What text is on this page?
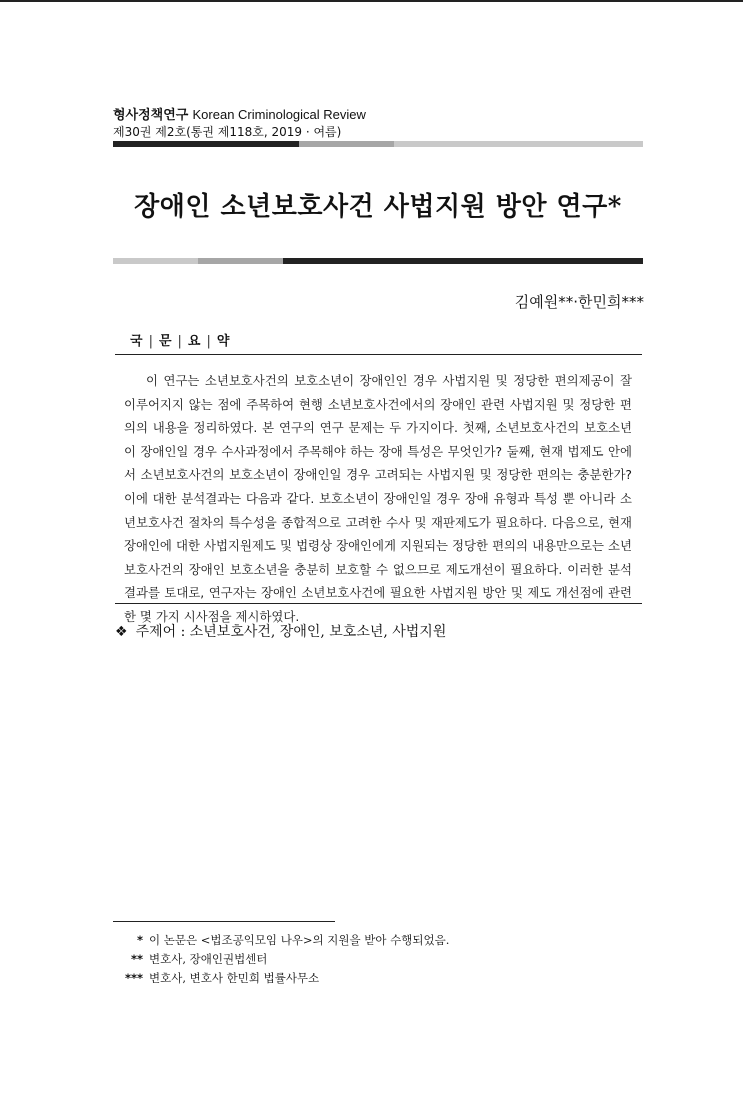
형사정책연구 Korean Criminological Review
제30권 제2호(통권 제118호, 2019 · 여름)
장애인 소년보호사건 사법지원 방안 연구*
김예원**·한민희***
국 | 문 | 요 | 약

이 연구는 소년보호사건의 보호소년이 장애인인 경우 사법지원 및 정당한 편의제공이 잘 이루어지지 않는 점에 주목하여 현행 소년보호사건에서의 장애인 관련 사법지원 및 정당한 편의의 내용을 정리하였다. 본 연구의 연구 문제는 두 가지이다. 첫째, 소년보호사건의 보호소년이 장애인일 경우 수사과정에서 주목해야 하는 장애 특성은 무엇인가? 둘째, 현재 법제도 안에서 소년보호사건의 보호소년이 장애인일 경우 고려되는 사법지원 및 정당한 편의는 충분한가? 이에 대한 분석결과는 다음과 같다. 보호소년이 장애인일 경우 장애 유형과 특성 뿐 아니라 소년보호사건 절차의 특수성을 종합적으로 고려한 수사 및 재판제도가 필요하다. 다음으로, 현재 장애인에 대한 사법지원제도 및 법령상 장애인에게 지원되는 정당한 편의의 내용만으로는 소년보호사건의 장애인 보호소년을 충분히 보호할 수 없으므로 제도개선이 필요하다. 이러한 분석결과를 토대로, 연구자는 장애인 소년보호사건에 필요한 사법지원 방안 및 제도 개선점에 관련한 몇 가지 시사점을 제시하였다.

❖ 주제어 : 소년보호사건, 장애인, 보호소년, 사법지원
* 이 논문은 <법조공익모임 나우>의 지원을 받아 수행되었음.
** 변호사, 장애인권법센터
*** 변호사, 변호사 한민희 법률사무소
